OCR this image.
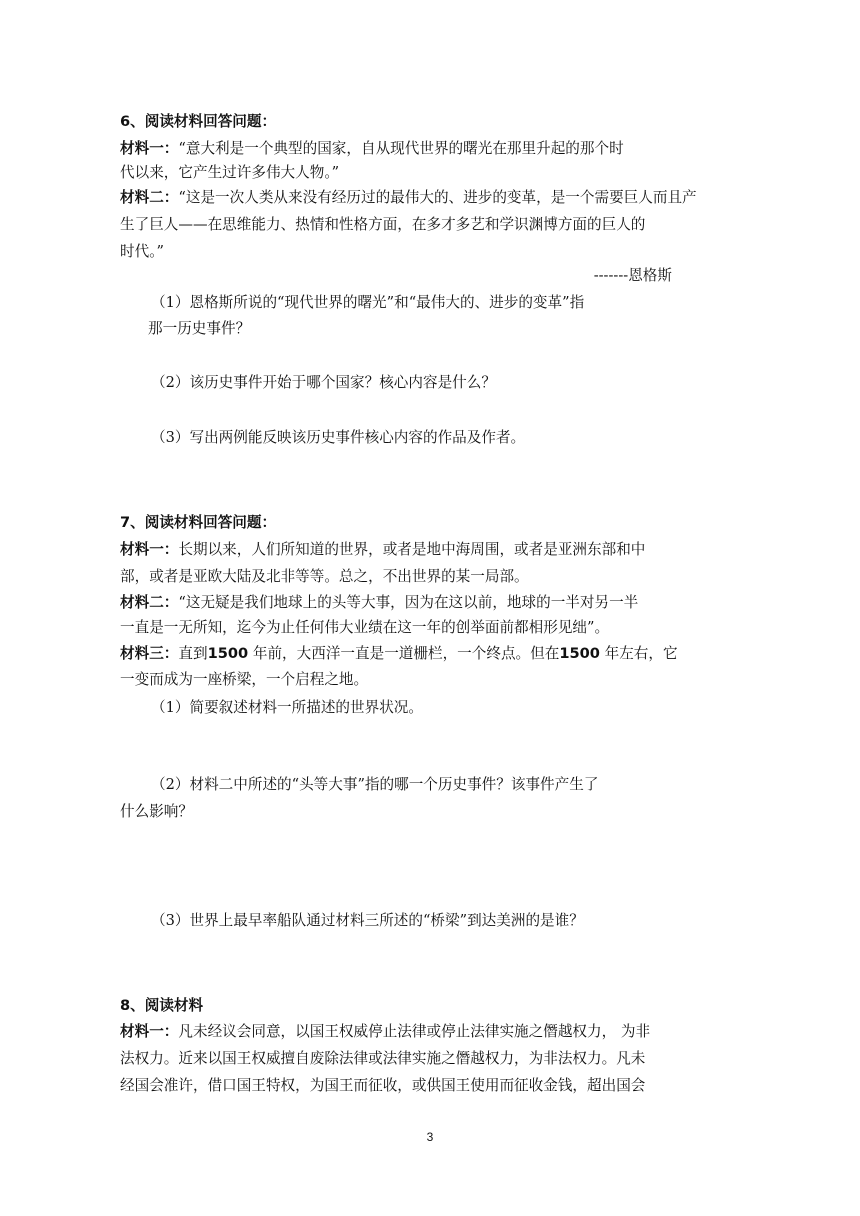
6、阅读材料回答问题：
材料一：“意大利是一个典型的国家，自从现代世界的曙光在那里升起的那个时
代以来，它产生过许多伟大人物。”
材料二：“这是一次人类从来没有经历过的最伟大的、进步的变革，是一个需要巨人而且产
生了巨人——在思维能力、热情和性格方面，在多才多艺和学识渊博方面的巨人的
时代。”
-------恩格斯
（1）恩格斯所说的“现代世界的曙光”和“最伟大的、进步的变革”指
那一历史事件？
（2）该历史事件开始于哪个国家？核心内容是什么？
（3）写出两例能反映该历史事件核心内容的作品及作者。
7、阅读材料回答问题：
材料一：长期以来，人们所知道的世界，或者是地中海周围，或者是亚洲东部和中
部，或者是亚欧大陆及北非等等。总之，不出世界的某一局部。
材料二：“这无疑是我们地球上的头等大事，因为在这以前，地球的一半对另一半
一直是一无所知，迄今为止任何伟大业绩在这一年的创举面前都相形见绌”。
材料三：直到1500 年前，大西洋一直是一道栅栏，一个终点。但在1500 年左右，它
一变而成为一座桥梁，一个启程之地。
（1）简要叙述材料一所描述的世界状况。
（2）材料二中所述的“头等大事”指的哪一个历史事件？该事件产生了
什么影响？
（3）世界上最早率船队通过材料三所述的“桥梁”到达美洲的是谁？
8、阅读材料
材料一：凡未经议会同意，以国王权威停止法律或停止法律实施之僭越权力， 为非
法权力。近来以国王权威擅自废除法律或法律实施之僭越权力，为非法权力。凡未
经国会准许，借口国王特权，为国王而征收，或供国王使用而征收金钱，超出国会
3
